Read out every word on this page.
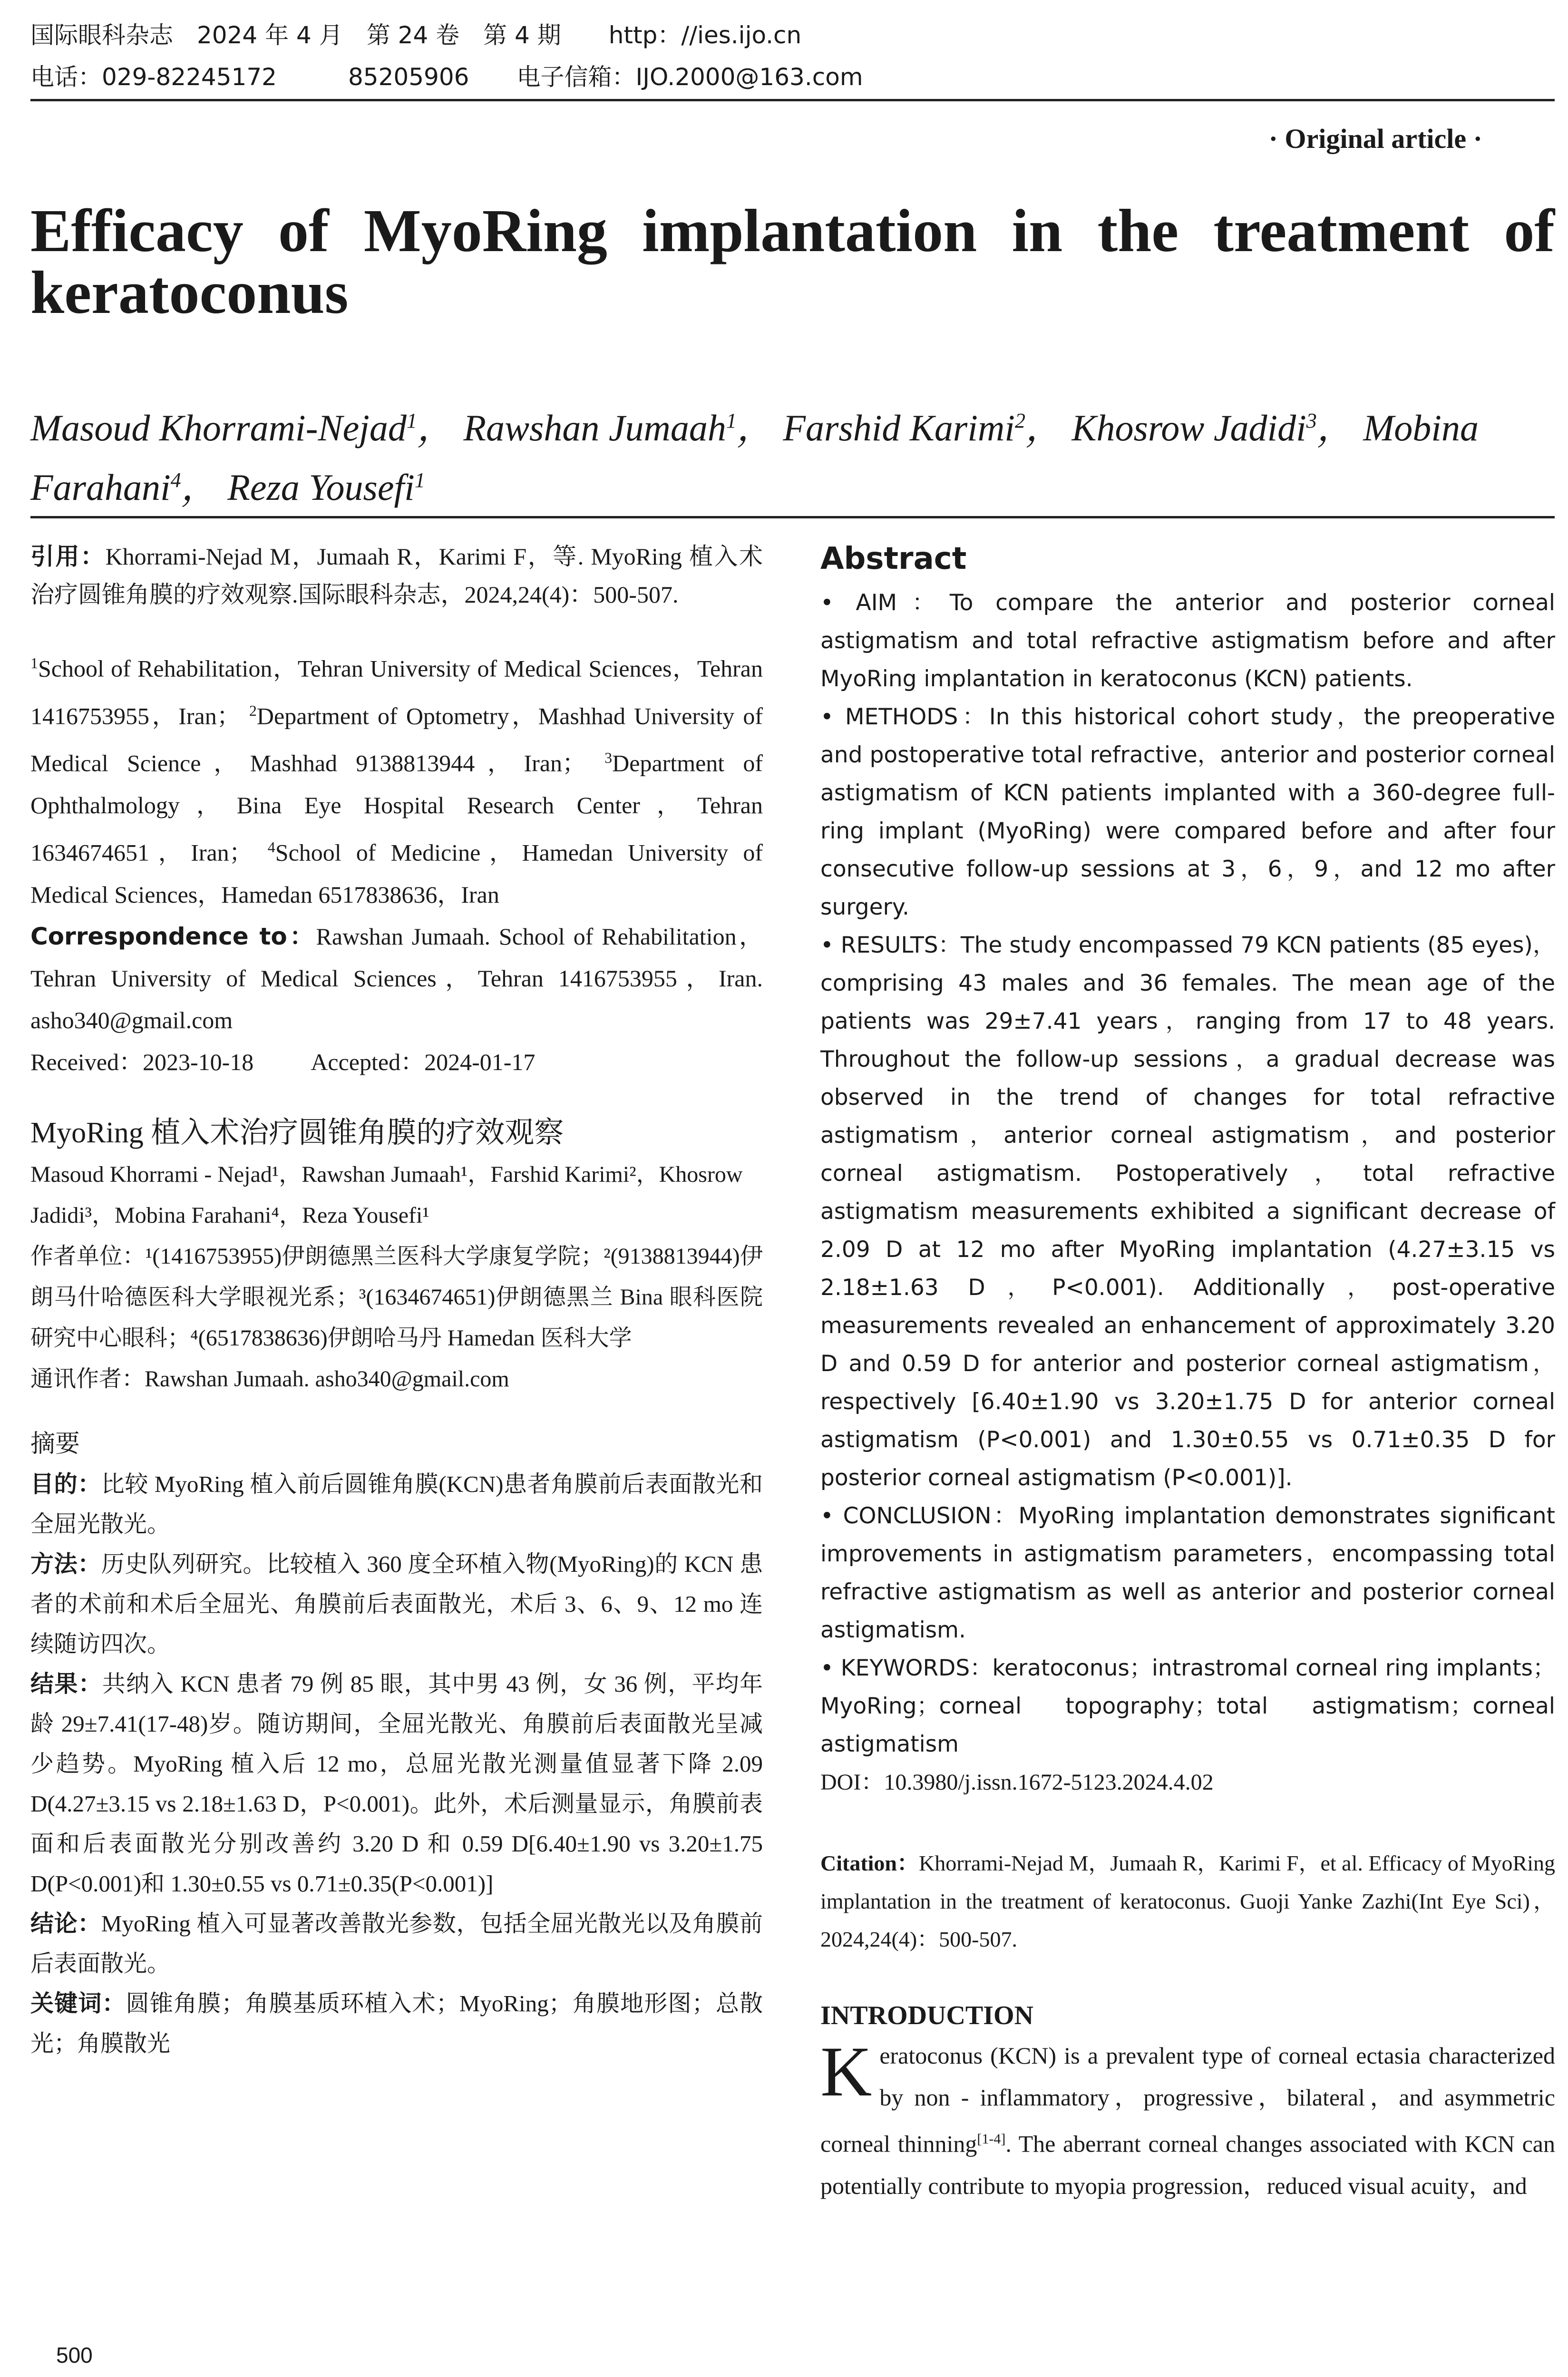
国际眼科杂志　2024 年 4 月　第 24 卷　第 4 期　　http：//ies.ijo.cn
电话：029-82245172　　　85205906　　电子信箱：IJO.2000@163.com
· Original article ·
Efficacy of MyoRing implantation in the treatment of keratoconus
Masoud Khorrami-Nejad$^1$， Rawshan Jumaah$^1$， Farshid Karimi$^2$， Khosrow Jadidi$^3$， Mobina Farahani$^4$， Reza Yousefi$^1$

引用：Khorrami-Nejad M，Jumaah R，Karimi F，等. MyoRing 植入术治疗圆锥角膜的疗效观察.国际眼科杂志，2024,24(4)：500-507.

$^1$School of Rehabilitation，Tehran University of Medical Sciences，Tehran 1416753955，Iran； $^2$Department of Optometry，Mashhad University of Medical Science，Mashhad 9138813944，Iran； $^3$Department of Ophthalmology，Bina Eye Hospital Research Center，Tehran 1634674651，Iran； $^4$School of Medicine，Hamedan University of Medical Sciences，Hamedan 6517838636，Iran

Correspondence to：Rawshan Jumaah. School of Rehabilitation，Tehran University of Medical Sciences，Tehran 1416753955，Iran. asho340@gmail.com

Received：2023-10-18 Accepted：2024-01-17

MyoRing 植入术治疗圆锥角膜的疗效观察
Masoud Khorrami - Nejad¹，Rawshan Jumaah¹，Farshid Karimi²，Khosrow Jadidi³，Mobina Farahani⁴，Reza Yousefi¹

作者单位：¹(1416753955)伊朗德黑兰医科大学康复学院；²(9138813944)伊朗马什哈德医科大学眼视光系；³(1634674651)伊朗德黑兰 Bina 眼科医院研究中心眼科；⁴(6517838636)伊朗哈马丹 Hamedan 医科大学

通讯作者：Rawshan Jumaah. asho340@gmail.com

摘要

目的：比较 MyoRing 植入前后圆锥角膜(KCN)患者角膜前后表面散光和全屈光散光。

方法：历史队列研究。比较植入 360 度全环植入物(MyoRing)的 KCN 患者的术前和术后全屈光、角膜前后表面散光，术后 3、6、9、12 mo 连续随访四次。

结果：共纳入 KCN 患者 79 例 85 眼，其中男 43 例，女 36 例，平均年龄 29±7.41(17-48)岁。随访期间，全屈光散光、角膜前后表面散光呈减少趋势。MyoRing 植入后 12 mo，总屈光散光测量值显著下降 2.09 D(4.27±3.15 vs 2.18±1.63 D，P<0.001)。此外，术后测量显示，角膜前表面和后表面散光分别改善约 3.20 D 和 0.59 D[6.40±1.90 vs 3.20±1.75 D(P<0.001)和 1.30±0.55 vs 0.71±0.35(P<0.001)]

结论：MyoRing 植入可显著改善散光参数，包括全屈光散光以及角膜前后表面散光。

关键词：圆锥角膜；角膜基质环植入术；MyoRing；角膜地形图；总散光；角膜散光

Abstract

• AIM：To compare the anterior and posterior corneal astigmatism and total refractive astigmatism before and after MyoRing implantation in keratoconus (KCN) patients.

• METHODS：In this historical cohort study，the preoperative and postoperative total refractive，anterior and posterior corneal astigmatism of KCN patients implanted with a 360-degree full-ring implant (MyoRing) were compared before and after four consecutive follow-up sessions at 3，6，9，and 12 mo after surgery.

• RESULTS：The study encompassed 79 KCN patients (85 eyes)，comprising 43 males and 36 females. The mean age of the patients was 29±7.41 years，ranging from 17 to 48 years. Throughout the follow-up sessions，a gradual decrease was observed in the trend of changes for total refractive astigmatism，anterior corneal astigmatism，and posterior corneal astigmatism. Postoperatively，total refractive astigmatism measurements exhibited a significant decrease of 2.09 D at 12 mo after MyoRing implantation (4.27±3.15 vs 2.18±1.63 D，P<0.001). Additionally，post-operative measurements revealed an enhancement of approximately 3.20 D and 0.59 D for anterior and posterior corneal astigmatism，respectively [6.40±1.90 vs 3.20±1.75 D for anterior corneal astigmatism (P<0.001) and 1.30±0.55 vs 0.71±0.35 D for posterior corneal astigmatism (P<0.001)].

• CONCLUSION：MyoRing implantation demonstrates significant improvements in astigmatism parameters，encompassing total refractive astigmatism as well as anterior and posterior corneal astigmatism.

• KEYWORDS：keratoconus；intrastromal corneal ring implants；MyoRing；corneal topography；total astigmatism；corneal astigmatism

DOI：10.3980/j.issn.1672-5123.2024.4.02

Citation：Khorrami-Nejad M，Jumaah R，Karimi F，et al. Efficacy of MyoRing implantation in the treatment of keratoconus. Guoji Yanke Zazhi(Int Eye Sci)，2024,24(4)：500-507.

INTRODUCTION

Keratoconus (KCN) is a prevalent type of corneal ectasia characterized by non - inflammatory，progressive，bilateral，and asymmetric corneal thinning[1-4]. The aberrant corneal changes associated with KCN can potentially contribute to myopia progression，reduced visual acuity，and

500
